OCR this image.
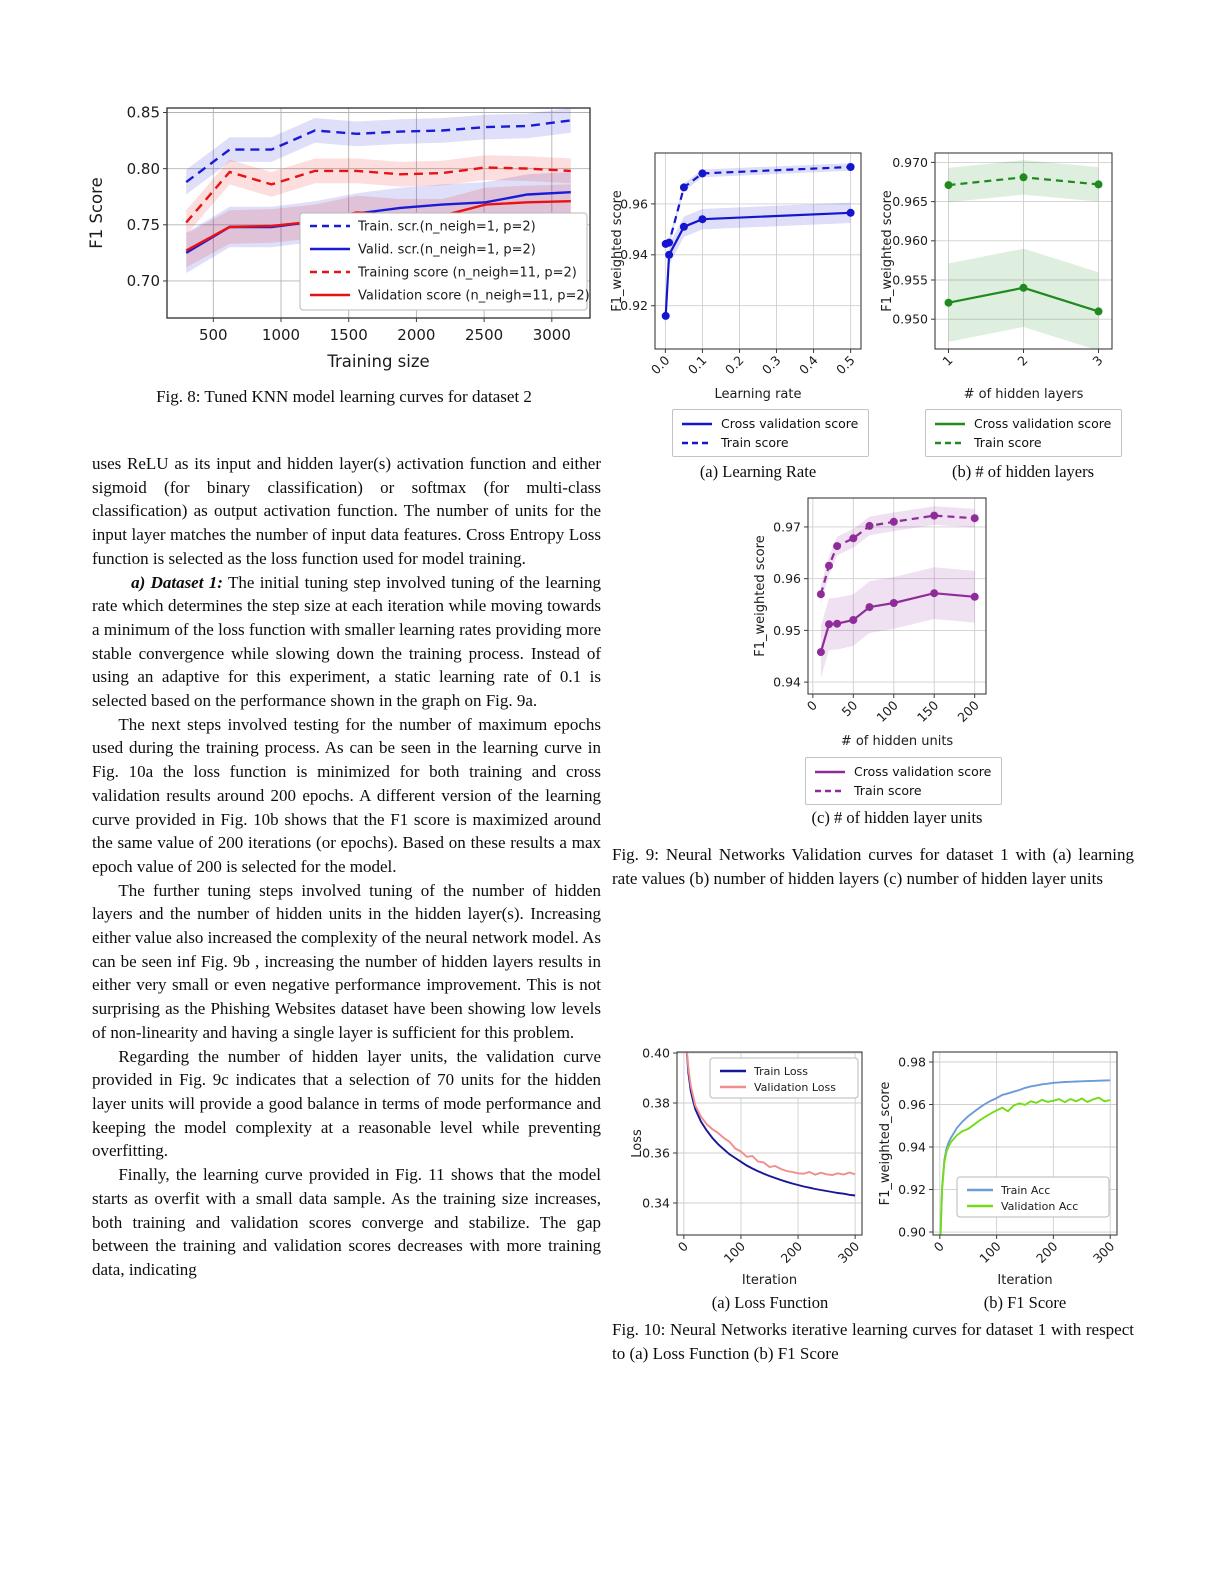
0.70
0.75
0.80
0.85
500 1000 1500 2000 2500 3000
Training size
F1 Score	Train. scr.(n_neigh=1, p=2)
Valid. scr.(n_neigh=1, p=2)
Training score (n_neigh=11, p=2)
Validation score (n_neigh=11, p=2)
Fig. 8: Tuned KNN model learning curves for dataset 2

uses ReLU as its input and hidden layer(s) activation function and either sigmoid (for binary classification) or softmax (for multi-class classification) as output activation function. The number of units for the input layer matches the number of input data features. Cross Entropy Loss function is selected as the loss function used for model training.

a) Dataset 1: The initial tuning step involved tuning of the learning rate which determines the step size at each iteration while moving towards a minimum of the loss function with smaller learning rates providing more stable convergence while slowing down the training process. Instead of using an adaptive for this experiment, a static learning rate of 0.1 is selected based on the performance shown in the graph on Fig. 9a.

The next steps involved testing for the number of maximum epochs used during the training process. As can be seen in the learning curve in Fig. 10a the loss function is minimized for both training and cross validation results around 200 epochs. A different version of the learning curve provided in Fig. 10b shows that the F1 score is maximized around the same value of 200 iterations (or epochs). Based on these results a max epoch value of 200 is selected for the model.

The further tuning steps involved tuning of the number of hidden layers and the number of hidden units in the hidden layer(s). Increasing either value also increased the complexity of the neural network model. As can be seen inf Fig. 9b , increasing the number of hidden layers results in either very small or even negative performance improvement. This is not surprising as the Phishing Websites dataset have been showing low levels of non-linearity and having a single layer is sufficient for this problem.

Regarding the number of hidden layer units, the validation curve provided in Fig. 9c indicates that a selection of 70 units for the hidden layer units will provide a good balance in terms of mode performance and keeping the model complexity at a reasonable level while preventing overfitting.

Finally, the learning curve provided in Fig. 11 shows that the model starts as overfit with a small data sample. As the training size increases, both training and validation scores converge and stabilize. The gap between the training and validation scores decreases with more training data, indicating

0.92
0.94
0.96
0.0 0.1 0.2 0.3 0.4 0.5
Learning rate
F1_weighted score
Cross validation score
Train score
(a) Learning Rate
0.950
0.955
0.960
0.965
0.970
1	2	3
# of hidden layers
F1_weighted score
Cross validation score
Train score
(b) # of hidden layers
0.94
0.95
0.96
0.97
0 50 100 150 200
# of hidden units
F1_weighted score
Cross validation score
Train score
(c) # of hidden layer units
Fig. 9: Neural Networks Validation curves for dataset 1 with (a) learning rate values (b) number of hidden layers (c) number of hidden layer units
0.34
0.36
0.38
0.40
0 100 200 300
Iteration
Loss
Train Loss
Validation Loss
(a) Loss Function
0.90
0.92
0.94
0.96
0.98
0 100 200 300
Iteration
F1_weighted_score	Train Acc
Validation Acc
(b) F1 Score
Fig. 10: Neural Networks iterative learning curves for dataset 1 with respect to (a) Loss Function (b) F1 Score
